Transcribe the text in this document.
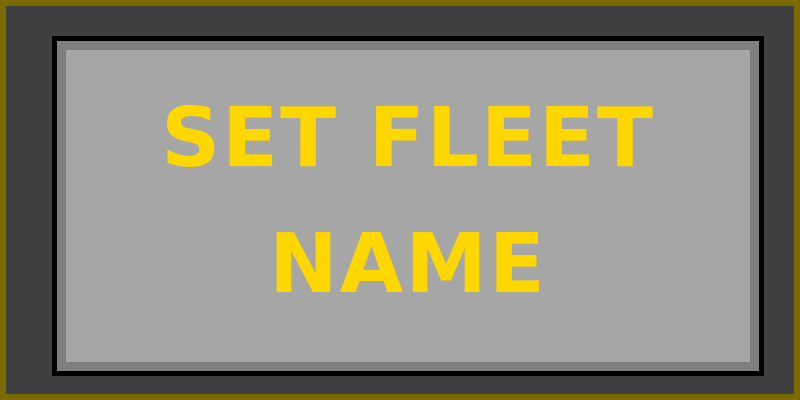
SET FLEET NAME
